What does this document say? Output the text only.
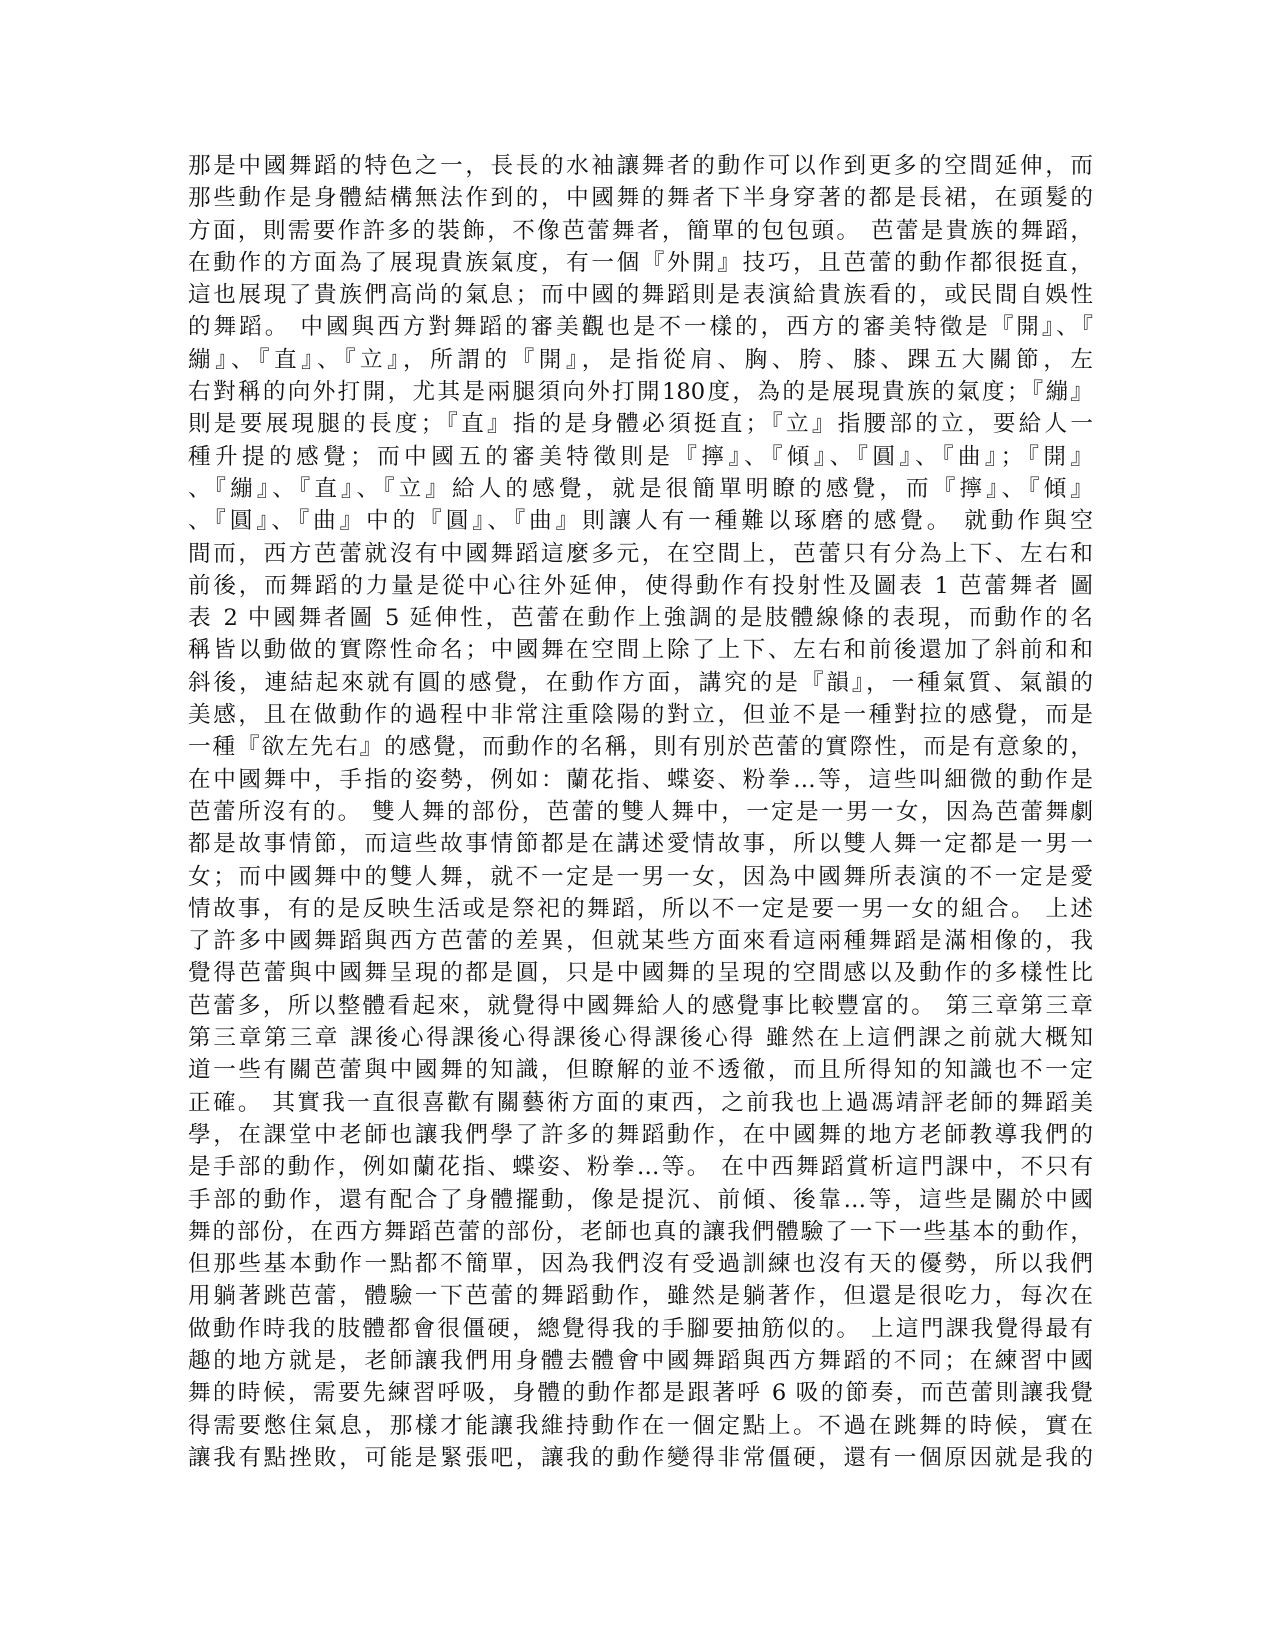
那是中國舞蹈的特色之一，長長的水袖讓舞者的動作可以作到更多的空間延伸，而
那些動作是身體結構無法作到的，中國舞的舞者下半身穿著的都是長裙，在頭髮的
方面，則需要作許多的裝飾，不像芭蕾舞者，簡單的包包頭。 芭蕾是貴族的舞蹈，
在動作的方面為了展現貴族氣度，有一個『外開』技巧，且芭蕾的動作都很挺直，
這也展現了貴族們高尚的氣息；而中國的舞蹈則是表演給貴族看的，或民間自娛性
的舞蹈。 中國與西方對舞蹈的審美觀也是不一樣的，西方的審美特徵是『開』、『
繃』、『直』、『立』，所謂的『開』，是指從肩、胸、胯、膝、踝五大關節，左
右對稱的向外打開，尤其是兩腿須向外打開180度，為的是展現貴族的氣度；『繃』
則是要展現腿的長度；『直』指的是身體必須挺直；『立』指腰部的立，要給人一
種升提的感覺；而中國五的審美特徵則是『擰』、『傾』、『圓』、『曲』；『開』
、『繃』、『直』、『立』給人的感覺，就是很簡單明瞭的感覺，而『擰』、『傾』
、『圓』、『曲』中的『圓』、『曲』則讓人有一種難以琢磨的感覺。 就動作與空
間而，西方芭蕾就沒有中國舞蹈這麼多元，在空間上，芭蕾只有分為上下、左右和
前後，而舞蹈的力量是從中心往外延伸，使得動作有投射性及圖表 1 芭蕾舞者 圖
表 2 中國舞者圖 5 延伸性，芭蕾在動作上強調的是肢體線條的表現，而動作的名
稱皆以動做的實際性命名；中國舞在空間上除了上下、左右和前後還加了斜前和和
斜後，連結起來就有圓的感覺，在動作方面，講究的是『韻』，一種氣質、氣韻的
美感，且在做動作的過程中非常注重陰陽的對立，但並不是一種對拉的感覺，而是
一種『欲左先右』的感覺，而動作的名稱，則有別於芭蕾的實際性，而是有意象的，
在中國舞中，手指的姿勢，例如：蘭花指、蝶姿、粉拳…等，這些叫細微的動作是
芭蕾所沒有的。 雙人舞的部份，芭蕾的雙人舞中，一定是一男一女，因為芭蕾舞劇
都是故事情節，而這些故事情節都是在講述愛情故事，所以雙人舞一定都是一男一
女；而中國舞中的雙人舞，就不一定是一男一女，因為中國舞所表演的不一定是愛
情故事，有的是反映生活或是祭祀的舞蹈，所以不一定是要一男一女的組合。 上述
了許多中國舞蹈與西方芭蕾的差異，但就某些方面來看這兩種舞蹈是滿相像的，我
覺得芭蕾與中國舞呈現的都是圓，只是中國舞的呈現的空間感以及動作的多樣性比
芭蕾多，所以整體看起來，就覺得中國舞給人的感覺事比較豐富的。 第三章第三章
第三章第三章 課後心得課後心得課後心得課後心得 雖然在上這們課之前就大概知
道一些有關芭蕾與中國舞的知識，但瞭解的並不透徹，而且所得知的知識也不一定
正確。 其實我一直很喜歡有關藝術方面的東西，之前我也上過馮靖評老師的舞蹈美
學，在課堂中老師也讓我們學了許多的舞蹈動作，在中國舞的地方老師教導我們的
是手部的動作，例如蘭花指、蝶姿、粉拳…等。 在中西舞蹈賞析這門課中，不只有
手部的動作，還有配合了身體擺動，像是提沉、前傾、後靠…等，這些是關於中國
舞的部份，在西方舞蹈芭蕾的部份，老師也真的讓我們體驗了一下一些基本的動作，
但那些基本動作一點都不簡單，因為我們沒有受過訓練也沒有天的優勢，所以我們
用躺著跳芭蕾，體驗一下芭蕾的舞蹈動作，雖然是躺著作，但還是很吃力，每次在
做動作時我的肢體都會很僵硬，總覺得我的手腳要抽筋似的。 上這門課我覺得最有
趣的地方就是，老師讓我們用身體去體會中國舞蹈與西方舞蹈的不同；在練習中國
舞的時候，需要先練習呼吸，身體的動作都是跟著呼 6 吸的節奏，而芭蕾則讓我覺
得需要憋住氣息，那樣才能讓我維持動作在一個定點上。不過在跳舞的時候，實在
讓我有點挫敗，可能是緊張吧，讓我的動作變得非常僵硬，還有一個原因就是我的
